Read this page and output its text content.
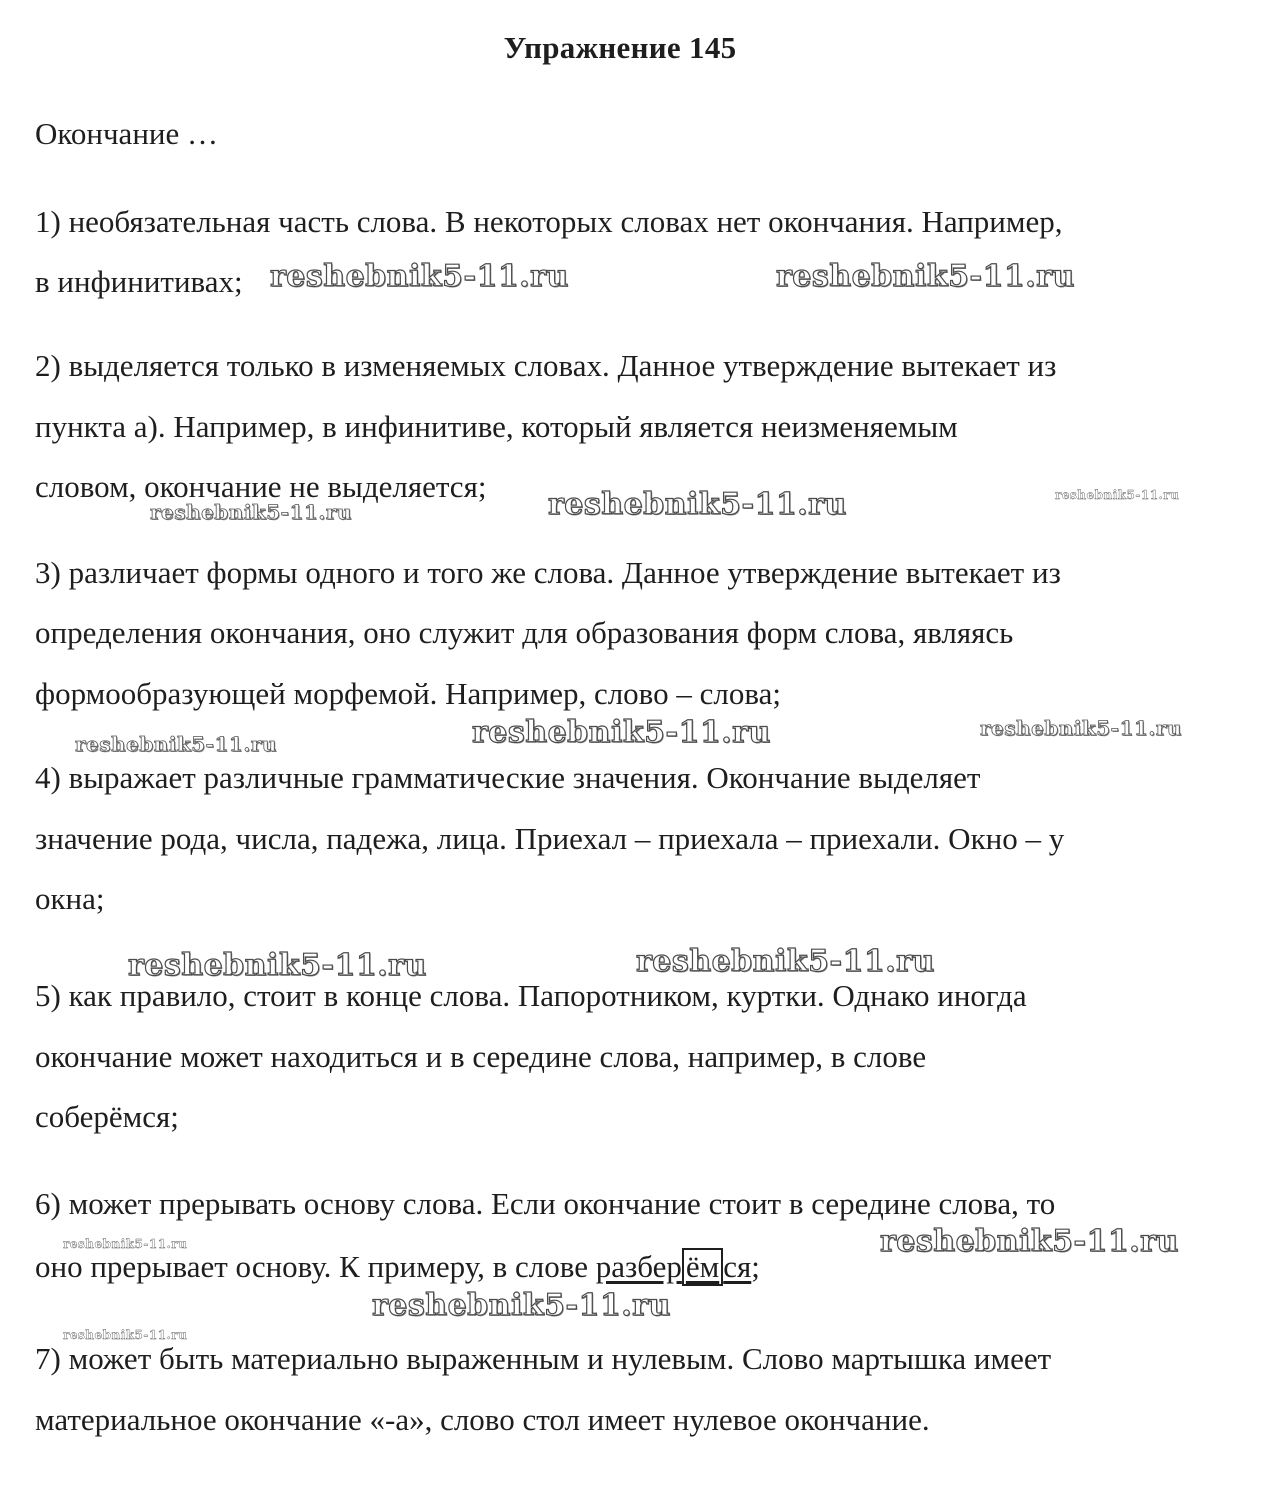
Упражнение 145
Окончание …
1) необязательная часть слова. В некоторых словах нет окончания. Например,
в инфинитивах;
2) выделяется только в изменяемых словах. Данное утверждение вытекает из
пункта а). Например, в инфинитиве, который является неизменяемым
словом, окончание не выделяется;
3) различает формы одного и того же слова. Данное утверждение вытекает из
определения окончания, оно служит для образования форм слова, являясь
формообразующей морфемой. Например, слово – слова;
4) выражает различные грамматические значения. Окончание выделяет
значение рода, числа, падежа, лица. Приехал – приехала – приехали. Окно – у
окна;
5) как правило, стоит в конце слова. Папоротником, куртки. Однако иногда
окончание может находиться и в середине слова, например, в слове
соберёмся;
6) может прерывать основу слова. Если окончание стоит в середине слова, то
оно прерывает основу. К примеру, в слове разбер ём ся;
7) может быть материально выраженным и нулевым. Слово мартышка имеет
материальное окончание «-а», слово стол имеет нулевое окончание.
reshebnik5-11.ru	reshebnik5-11.ru
reshebnik5-11.ru	reshebnik5-11.ru	reshebnik5-11.ru
reshebnik5-11.ru	reshebnik5-11.ru	reshebnik5-11.ru
reshebnik5-11.ru	reshebnik5-11.ru
reshebnik5-11.ru	reshebnik5-11.ru
reshebnik5-11.ru
reshebnik5-11.ru
